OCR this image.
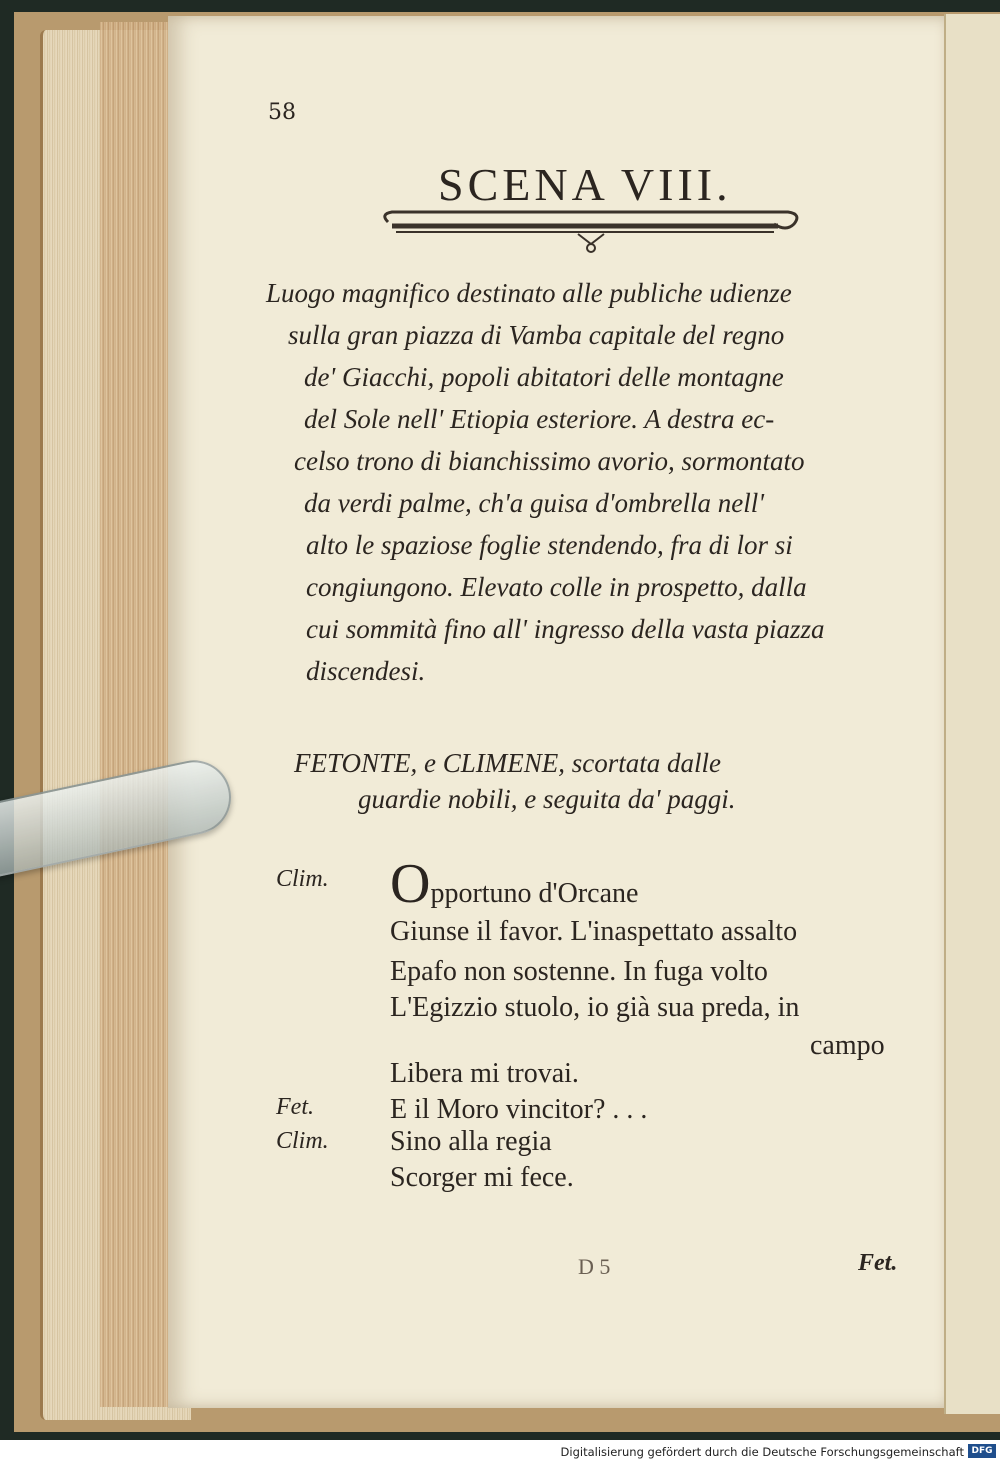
58
SCENA VIII.
Luogo magnifico destinato alle publiche udienze
sulla gran piazza di Vamba capitale del regno
de' Giacchi, popoli abitatori delle montagne
del Sole nell' Etiopia esteriore. A destra ec-
celso trono di bianchissimo avorio, sormontato
da verdi palme, ch'a guisa d'ombrella nell'
alto le spaziose foglie stendendo, fra di lor si
congiungono. Elevato colle in prospetto, dalla
cui sommità fino all' ingresso della vasta piazza
discendesi.
FETONTE, e CLIMENE, scortata dalle
guardie nobili, e seguita da' paggi.
Clim. Opportuno d'Orcane
Giunse il favor. L'inaspettato assalto
Epafo non sostenne. In fuga volto
L'Egizzio stuolo, io già sua preda, in
campo
Libera mi trovai.
Fet.	E il Moro vincitor? . . .
Clim. Sino alla regia
Scorger mi fece.
D 5	Fet.
Digitalisierung gefördert durch die Deutsche Forschungsgemeinschaft DFG
